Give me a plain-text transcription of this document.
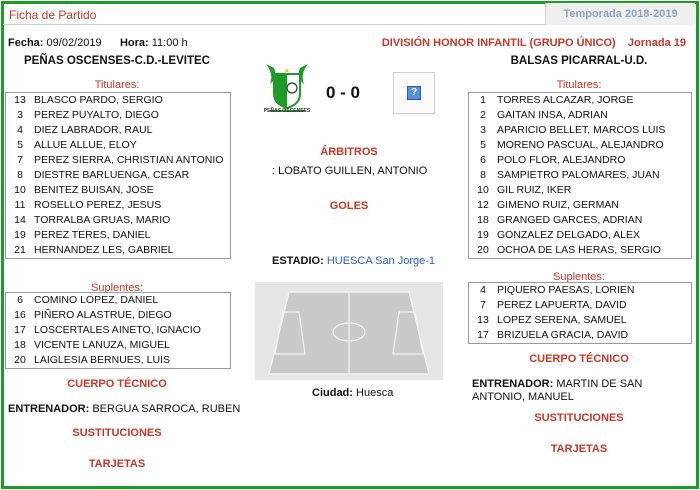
Ficha de Partido	Temporada 2018-2019
Fecha: 09/02/2019 Hora: 11:00 h	DIVISIÓN HONOR INFANTIL (GRUPO ÚNICO) Jornada 19
PEÑAS OSCENSES-C.D.-LEVITEC
Titulares:
13 BLASCO PARDO, SERGIO
3	PEREZ PUYALTO, DIEGO
4	DIEZ LABRADOR, RAUL
5	ALLUE ALLUE, ELOY
7	PEREZ SIERRA, CHRISTIAN ANTONIO
8	DIESTRE BARLUENGA, CESAR
10 BENITEZ BUISAN, JOSE
11 ROSELLO PEREZ, JESUS
14 TORRALBA GRUAS, MARIO
19 PEREZ TERES, DANIEL
21 HERNANDEZ LES, GABRIEL
Suplentes:
6	COMINO LOPEZ, DANIEL
16 PIÑERO ALASTRUE, DIEGO
17 LOSCERTALES AINETO, IGNACIO
18 VICENTE LANUZA, MIGUEL
20 LAIGLESIA BERNUES, LUIS
CUERPO TÉCNICO
ENTRENADOR: BERGUA SARROCA, RUBEN
SUSTITUCIONES
TARJETAS
PEÑAS OSCENSES
0 - 0	?
ÁRBITROS
: LOBATO GUILLEN, ANTONIO
GOLES
ESTADIO: HUESCA San Jorge-1
Ciudad: Huesca
BALSAS PICARRAL-U.D.
Titulares:
1	TORRES ALCAZAR, JORGE
2	GAITAN INSA, ADRIAN
3	APARICIO BELLET, MARCOS LUIS
5	MORENO PASCUAL, ALEJANDRO
6	POLO FLOR, ALEJANDRO
8	SAMPIETRO PALOMARES, JUAN
10 GIL RUIZ, IKER
12 GIMENO RUIZ, GERMAN
18 GRANGED GARCES, ADRIAN
19 GONZALEZ DELGADO, ALEX
20 OCHOA DE LAS HERAS, SERGIO
Suplentes:
4	PIQUERO PAESAS, LORIEN
7	PEREZ LAPUERTA, DAVID
13 LOPEZ SERENA, SAMUEL
17 BRIZUELA GRACIA, DAVID
CUERPO TÉCNICO
ENTRENADOR: MARTIN DE SAN ANTONIO, MANUEL
SUSTITUCIONES
TARJETAS
